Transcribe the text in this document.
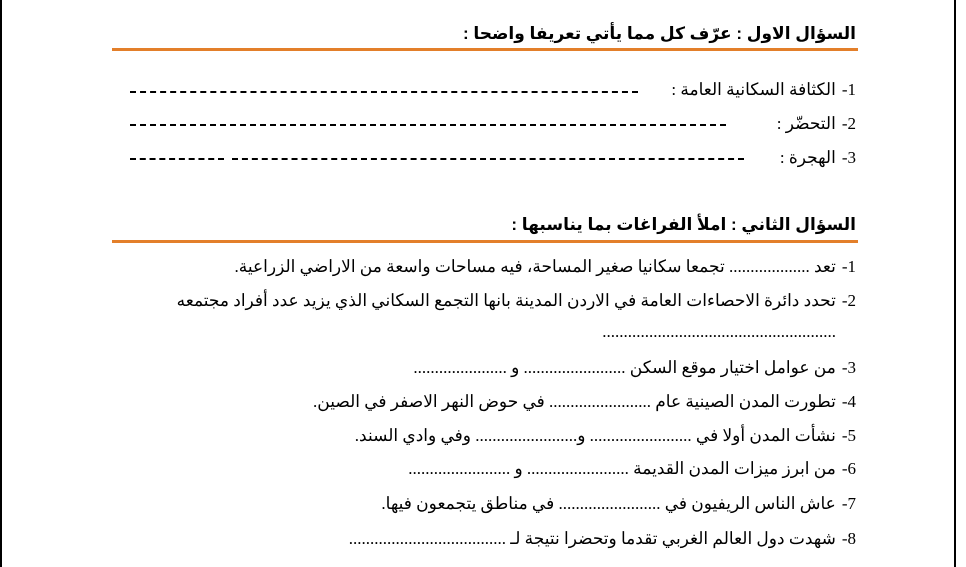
السؤال الاول : عرّف كل مما يأتي تعريفا واضحا :
1-الكثافة السكانية العامة :
2-التحضّر :
3-الهجرة :
السؤال الثاني : املأ الفراغات بما يناسبها :
1-تعد ................... تجمعا سكانيا صغير المساحة، فيه مساحات واسعة من الاراضي الزراعية.
2-تحدد دائرة الاحصاءات العامة في الاردن المدينة بانها التجمع السكاني الذي يزيد عدد أفراد مجتمعه
.......................................................
3-من عوامل اختيار موقع السكن ........................ و ......................
4-تطورت المدن الصينية عام ........................ في حوض النهر الاصفر في الصين.
5-نشأت المدن أولا في ........................ و........................ وفي وادي السند.
6-من ابرز ميزات المدن القديمة ........................ و ........................
7-عاش الناس الريفيون في ........................ في مناطق يتجمعون فيها.
8-شهدت دول العالم الغربي تقدما وتحضرا نتيجة لـ .....................................
